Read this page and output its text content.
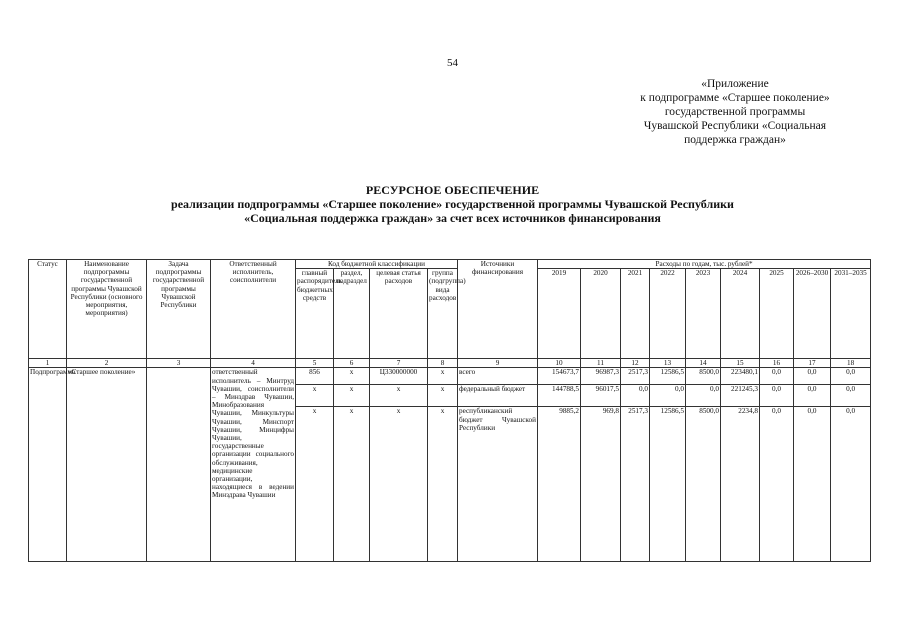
54
«Приложение
к подпрограмме «Старшее поколение»
государственной программы
Чувашской Республики «Социальная
поддержка граждан»
РЕСУРСНОЕ ОБЕСПЕЧЕНИЕ
реализации подпрограммы «Старшее поколение» государственной программы Чувашской Республики
«Социальная поддержка граждан» за счет всех источников финансирования
Статус	Наименование подпрограммы государственной программы Чувашской Республики (основного мероприятия, мероприятия)	Задача подпрограммы государственной программы Чувашской Республики	Ответственный исполнитель, соисполнители	Код бюджетной классификации				Источники финансирования	Расходы по годам, тыс. рублей*								
				главный распорядитель бюджетных средств	раздел, подраздел	целевая статья расходов	группа (подгруппа) вида расходов		2019	2020	2021	2022	2023	2024	2025	2026–2030	2031–2035
1	2	3	4	5	6	7	8	9	10	11	12	13	14	15	16	17	18
Подпрограмма	«Старшее поколение»		ответственный исполнитель – Минтруд Чувашии, соисполнители – Минздрав Чувашии, Минобразования Чувашии, Минкультуры Чувашии, Минспорт Чувашии, Минцифры Чувашии, государственные организации социального обслуживания, медицинские организации, находящиеся в ведении Минздрава Чувашии	856	x	Ц330000000	x	всего	154673,7	96987,3	2517,3	12586,5	8500,0	223480,1	0,0	0,0	0,0
				x	x	x	x	федеральный бюджет	144788,5	96017,5	0,0	0,0	0,0	221245,3	0,0	0,0	0,0
				x	x	x	x	республиканский бюджет Чувашской Республики	9885,2	969,8	2517,3	12586,5	8500,0	2234,8	0,0	0,0	0,0
